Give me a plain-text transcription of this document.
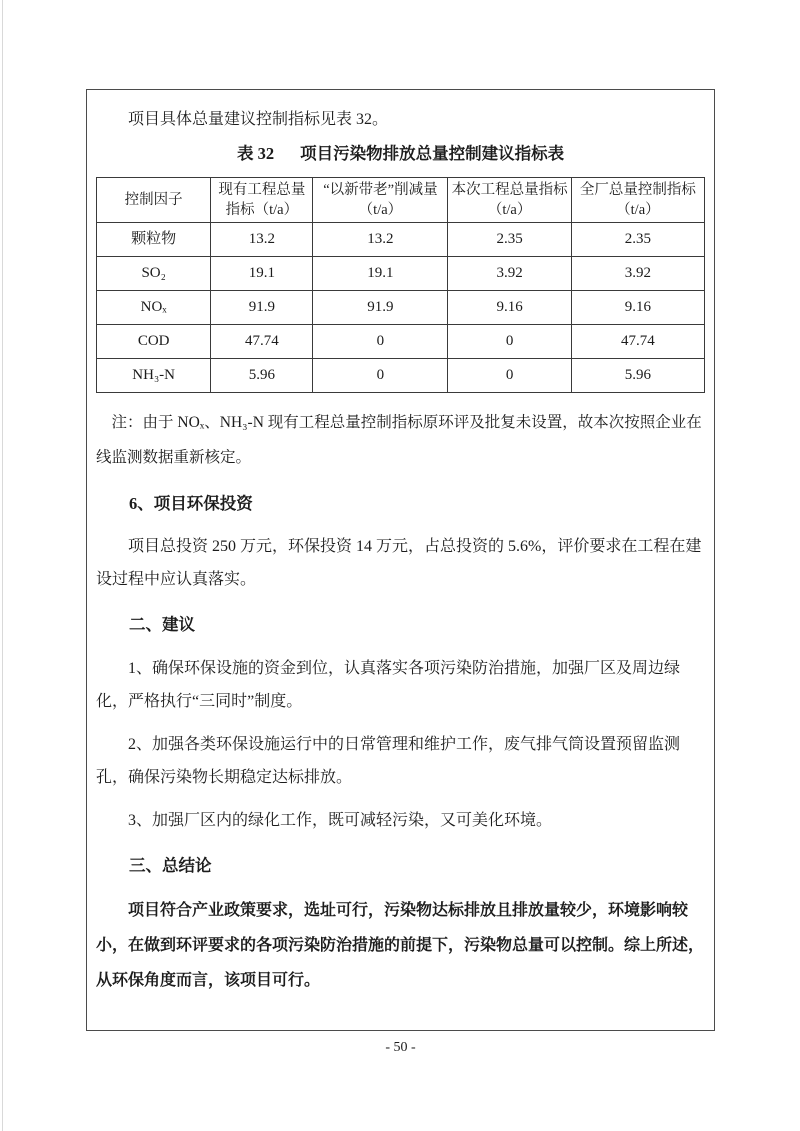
项目具体总量建议控制指标见表 32。

表 32 项目污染物排放总量控制建议指标表
控制因子	现有工程总量指标（t/a）	“以新带老”削减量（t/a）	本次工程总量指标（t/a）	全厂总量控制指标（t/a）
颗粒物	13.2	13.2	2.35	2.35
SO₂	19.1	19.1	3.92	3.92
NOₓ	91.9	91.9	9.16	9.16
COD	47.74	0	0	47.74
NH₃-N	5.96	0	0	5.96

注：由于 NOₓ、NH₃-N 现有工程总量控制指标原环评及批复未设置，故本次按照企业在线监测数据重新核定。

6、项目环保投资

项目总投资 250 万元，环保投资 14 万元，占总投资的 5.6%，评价要求在工程在建设过程中应认真落实。

二、建议

1、确保环保设施的资金到位，认真落实各项污染防治措施，加强厂区及周边绿化，严格执行“三同时”制度。

2、加强各类环保设施运行中的日常管理和维护工作，废气排气筒设置预留监测孔，确保污染物长期稳定达标排放。

3、加强厂区内的绿化工作，既可减轻污染，又可美化环境。

三、总结论

项目符合产业政策要求，选址可行，污染物达标排放且排放量较少，环境影响较小，在做到环评要求的各项污染防治措施的前提下，污染物总量可以控制。综上所述，从环保角度而言，该项目可行。

- 50 -
